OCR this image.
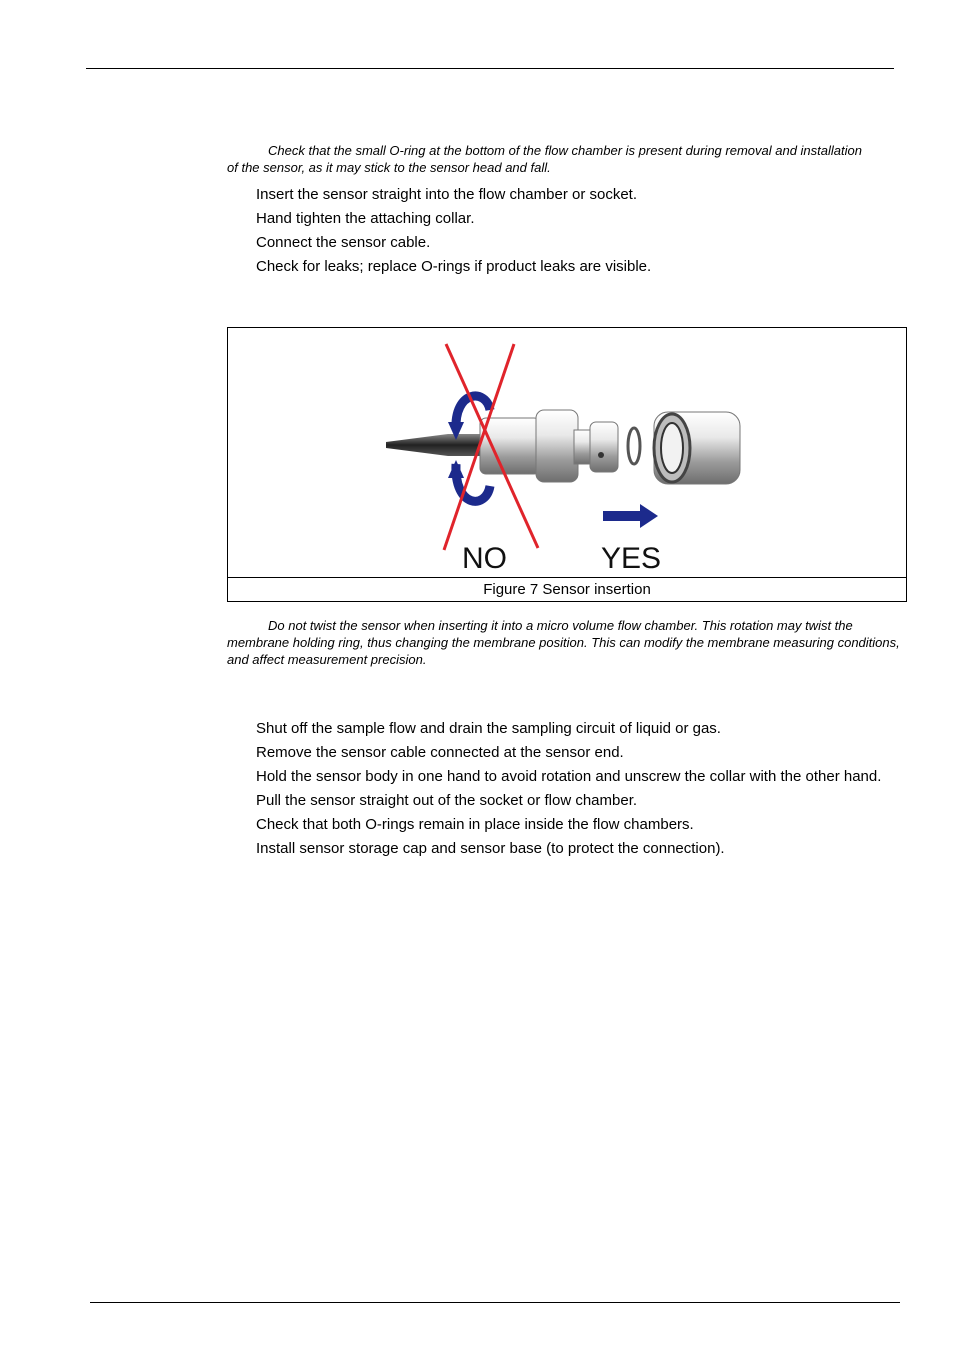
Check that the small O-ring at the bottom of the flow chamber is present during removal and installation of the sensor, as it may stick to the sensor head and fall.

Insert the sensor straight into the flow chamber or socket.
Hand tighten the attaching collar.
Connect the sensor cable.
Check for leaks; replace O-rings if product leaks are visible.
NO	YES
Figure 7 Sensor insertion

Do not twist the sensor when inserting it into a micro volume flow chamber. This rotation may twist the membrane holding ring, thus changing the membrane position. This can modify the membrane measuring conditions, and affect measurement precision.

Shut off the sample flow and drain the sampling circuit of liquid or gas.
Remove the sensor cable connected at the sensor end.
Hold the sensor body in one hand to avoid rotation and unscrew the collar with the other hand.
Pull the sensor straight out of the socket or flow chamber.
Check that both O-rings remain in place inside the flow chambers.
Install sensor storage cap and sensor base (to protect the connection).
